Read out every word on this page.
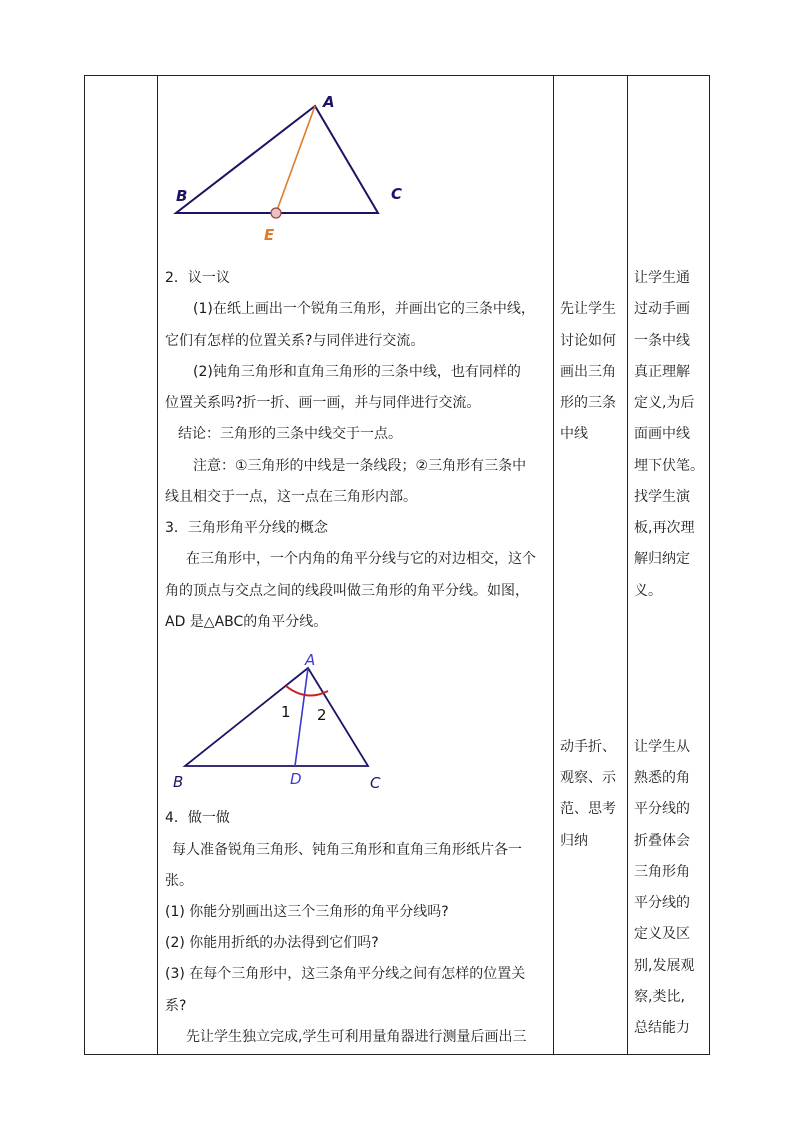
A
B	C
E
2．议一议
(1)在纸上画出一个锐角三角形，并画出它的三条中线，
它们有怎样的位置关系?与同伴进行交流。
(2)钝角三角形和直角三角形的三条中线，也有同样的
位置关系吗?折一折、画一画，并与同伴进行交流。
结论：三角形的三条中线交于一点。
注意：①三角形的中线是一条线段；②三角形有三条中
线且相交于一点，这一点在三角形内部。
3．三角形角平分线的概念
在三角形中，一个内角的角平分线与它的对边相交，这个
角的顶点与交点之间的线段叫做三角形的角平分线。如图，
AD 是△ABC的角平分线。
A
B	C
D
1 2
4．做一做
每人准备锐角三角形、钝角三角形和直角三角形纸片各一
张。
(1) 你能分别画出这三个三角形的角平分线吗?
(2) 你能用折纸的办法得到它们吗?
(3) 在每个三角形中，这三条角平分线之间有怎样的位置关
系?
先让学生独立完成,学生可利用量角器进行测量后画出三
先让学生
讨论如何
画出三角
形的三条
中线
动手折、
观察、示
范、思考
归纳
让学生通
过动手画
一条中线
真正理解
定义,为后
面画中线
埋下伏笔。
找学生演
板,再次理
解归纳定
义。
让学生从
熟悉的角
平分线的
折叠体会
三角形角
平分线的
定义及区
别,发展观
察,类比,
总结能力
